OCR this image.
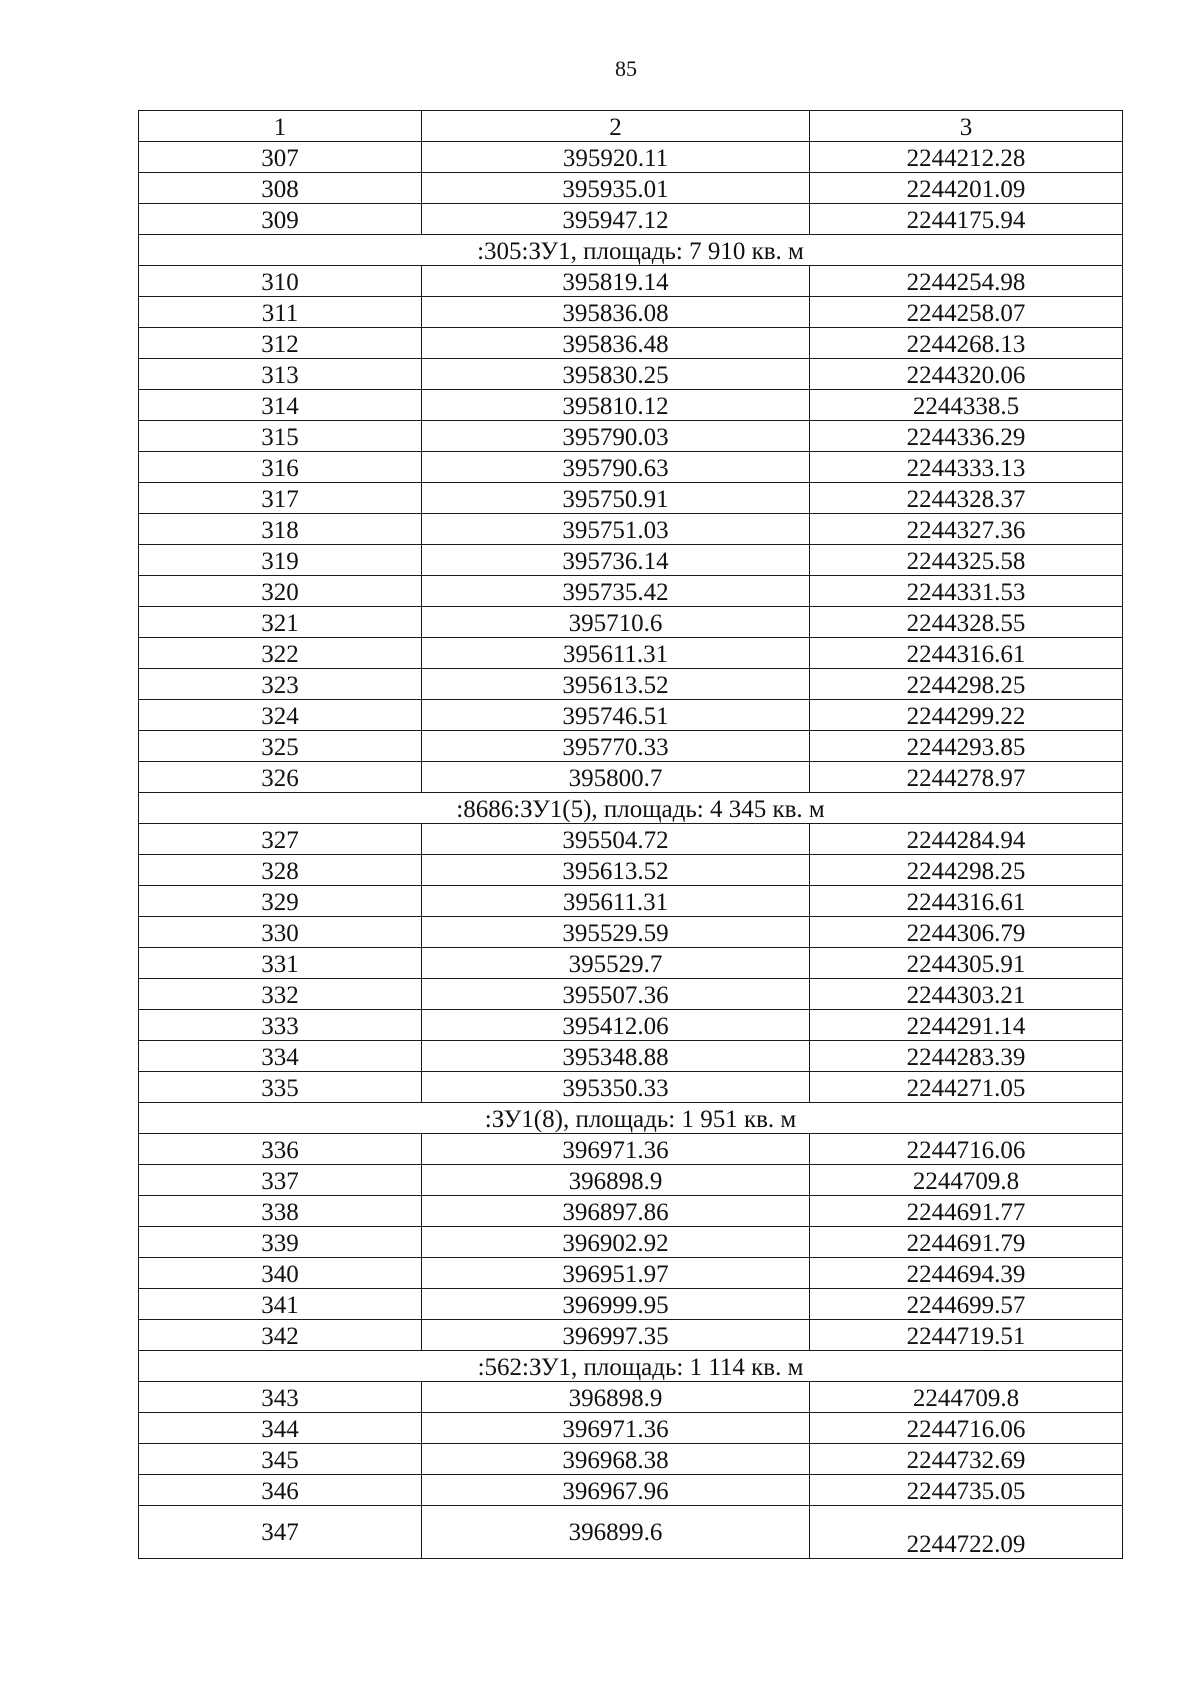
85
1	2	3
307	395920.11	2244212.28
308	395935.01	2244201.09
309	395947.12	2244175.94
:305:ЗУ1, площадь: 7 910 кв. м		
310	395819.14	2244254.98
311	395836.08	2244258.07
312	395836.48	2244268.13
313	395830.25	2244320.06
314	395810.12	2244338.5
315	395790.03	2244336.29
316	395790.63	2244333.13
317	395750.91	2244328.37
318	395751.03	2244327.36
319	395736.14	2244325.58
320	395735.42	2244331.53
321	395710.6	2244328.55
322	395611.31	2244316.61
323	395613.52	2244298.25
324	395746.51	2244299.22
325	395770.33	2244293.85
326	395800.7	2244278.97
:8686:ЗУ1(5), площадь: 4 345 кв. м		
327	395504.72	2244284.94
328	395613.52	2244298.25
329	395611.31	2244316.61
330	395529.59	2244306.79
331	395529.7	2244305.91
332	395507.36	2244303.21
333	395412.06	2244291.14
334	395348.88	2244283.39
335	395350.33	2244271.05
:ЗУ1(8), площадь: 1 951 кв. м		
336	396971.36	2244716.06
337	396898.9	2244709.8
338	396897.86	2244691.77
339	396902.92	2244691.79
340	396951.97	2244694.39
341	396999.95	2244699.57
342	396997.35	2244719.51
:562:ЗУ1, площадь: 1 114 кв. м		
343	396898.9	2244709.8
344	396971.36	2244716.06
345	396968.38	2244732.69
346	396967.96	2244735.05
347	396899.6	2244722.09
